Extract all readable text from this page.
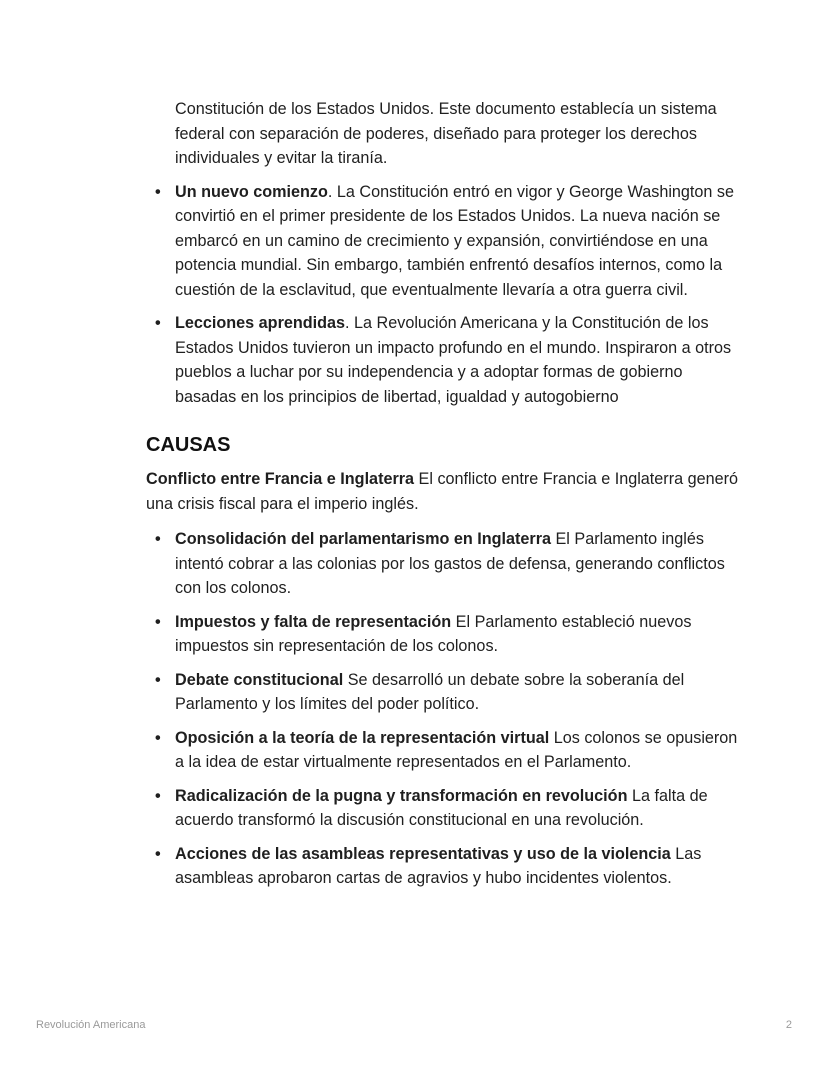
Constitución de los Estados Unidos. Este documento establecía un sistema federal con separación de poderes, diseñado para proteger los derechos individuales y evitar la tiranía.

• Un nuevo comienzo. La Constitución entró en vigor y George Washington se convirtió en el primer presidente de los Estados Unidos. La nueva nación se embarcó en un camino de crecimiento y expansión, convirtiéndose en una potencia mundial. Sin embargo, también enfrentó desafíos internos, como la cuestión de la esclavitud, que eventualmente llevaría a otra guerra civil.
• Lecciones aprendidas. La Revolución Americana y la Constitución de los Estados Unidos tuvieron un impacto profundo en el mundo. Inspiraron a otros pueblos a luchar por su independencia y a adoptar formas de gobierno basadas en los principios de libertad, igualdad y autogobierno
CAUSAS

Conflicto entre Francia e Inglaterra El conflicto entre Francia e Inglaterra generó una crisis fiscal para el imperio inglés.

• Consolidación del parlamentarismo en Inglaterra El Parlamento inglés intentó cobrar a las colonias por los gastos de defensa, generando conflictos con los colonos.
• Impuestos y falta de representación El Parlamento estableció nuevos impuestos sin representación de los colonos.
• Debate constitucional Se desarrolló un debate sobre la soberanía del Parlamento y los límites del poder político.
• Oposición a la teoría de la representación virtual Los colonos se opusieron a la idea de estar virtualmente representados en el Parlamento.
• Radicalización de la pugna y transformación en revolución La falta de acuerdo transformó la discusión constitucional en una revolución.
• Acciones de las asambleas representativas y uso de la violencia Las asambleas aprobaron cartas de agravios y hubo incidentes violentos.
Revolución Americana	2
